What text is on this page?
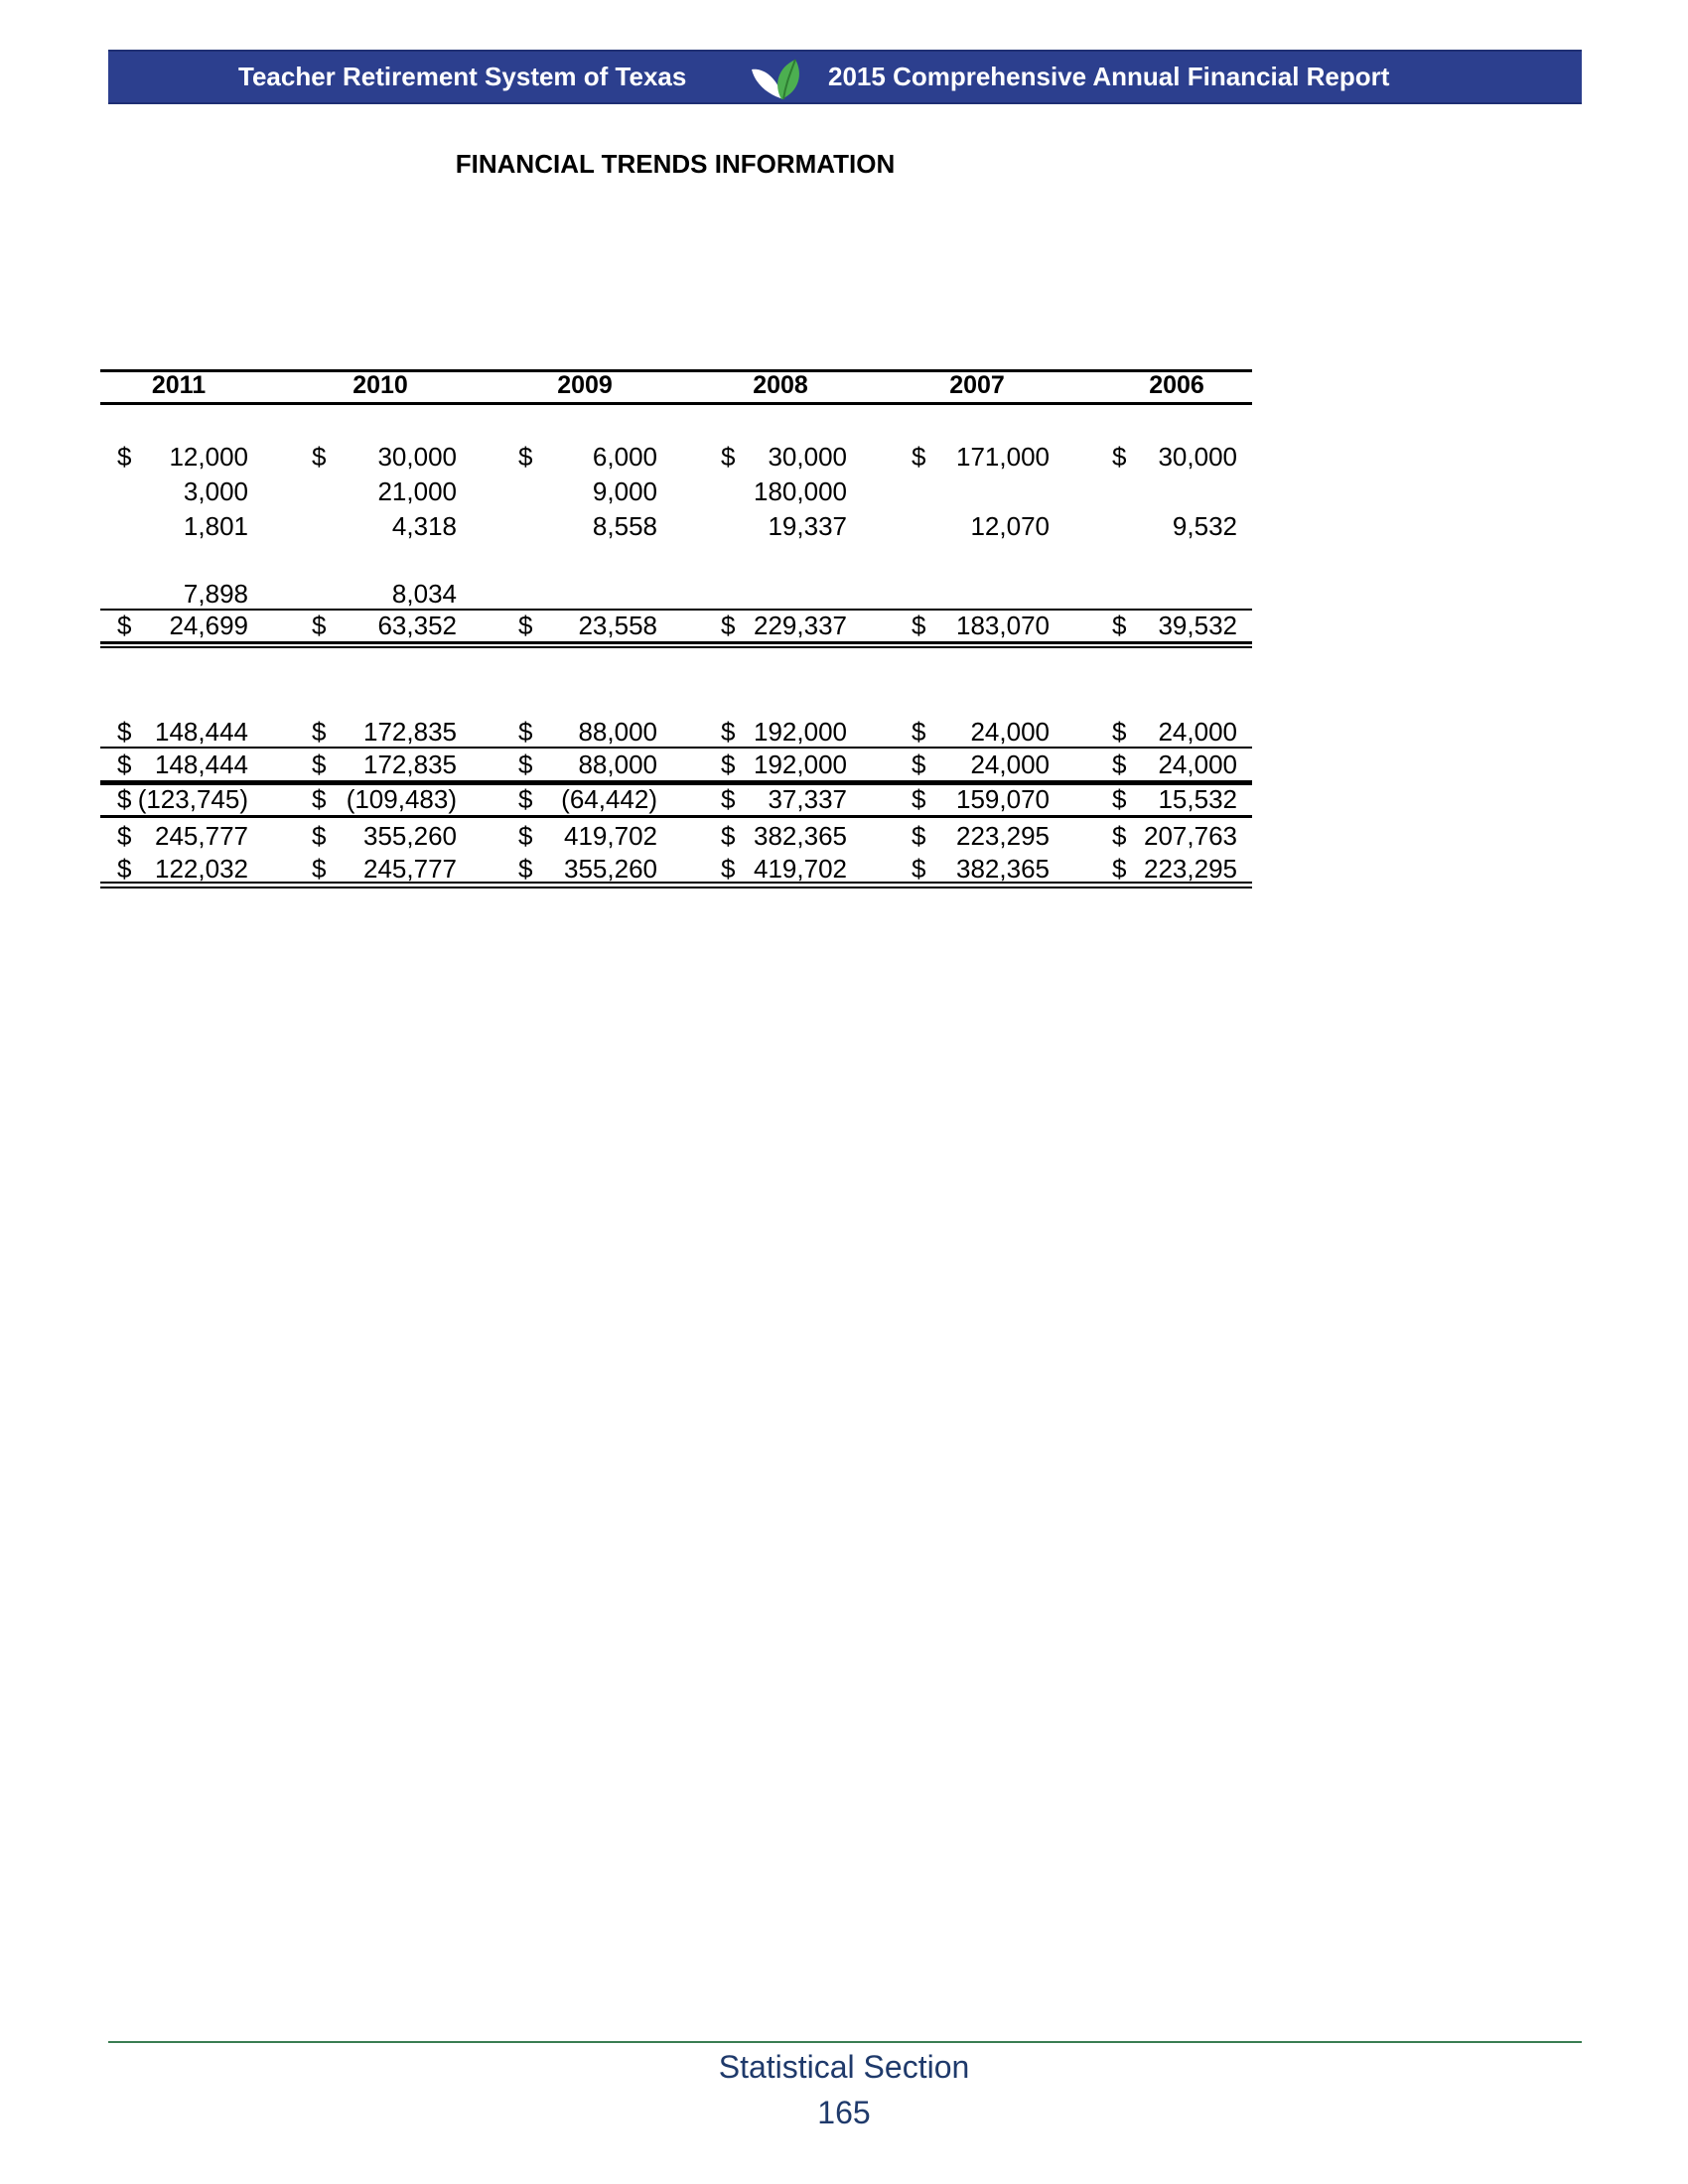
Teacher Retirement System of Texas	2015 Comprehensive Annual Financial Report
FINANCIAL TRENDS INFORMATION
Statistical Section
165
2011	2010	2009	2008	2007	2006
$	12,000 $	30,000 $	6,000 $	30,000	$	171,000 $	30,000
3,000	21,000	9,000	180,000
1,801	4,318	8,558	19,337	12,070	9,532
7,898	8,034
$	24,699 $	63,352 $	23,558 $ 229,337	$	183,070 $	39,532
$ 148,444 $	172,835 $	88,000 $ 192,000	$	24,000 $	24,000
$ 148,444 $	172,835 $	88,000 $ 192,000	$	24,000 $	24,000
$ (123,745) $ (109,483) $	(64,442) $	37,337	$	159,070 $	15,532
$ 245,777 $	355,260 $	419,702 $ 382,365	$	223,295 $ 207,763
$ 122,032 $	245,777 $	355,260 $ 419,702	$	382,365 $ 223,295
